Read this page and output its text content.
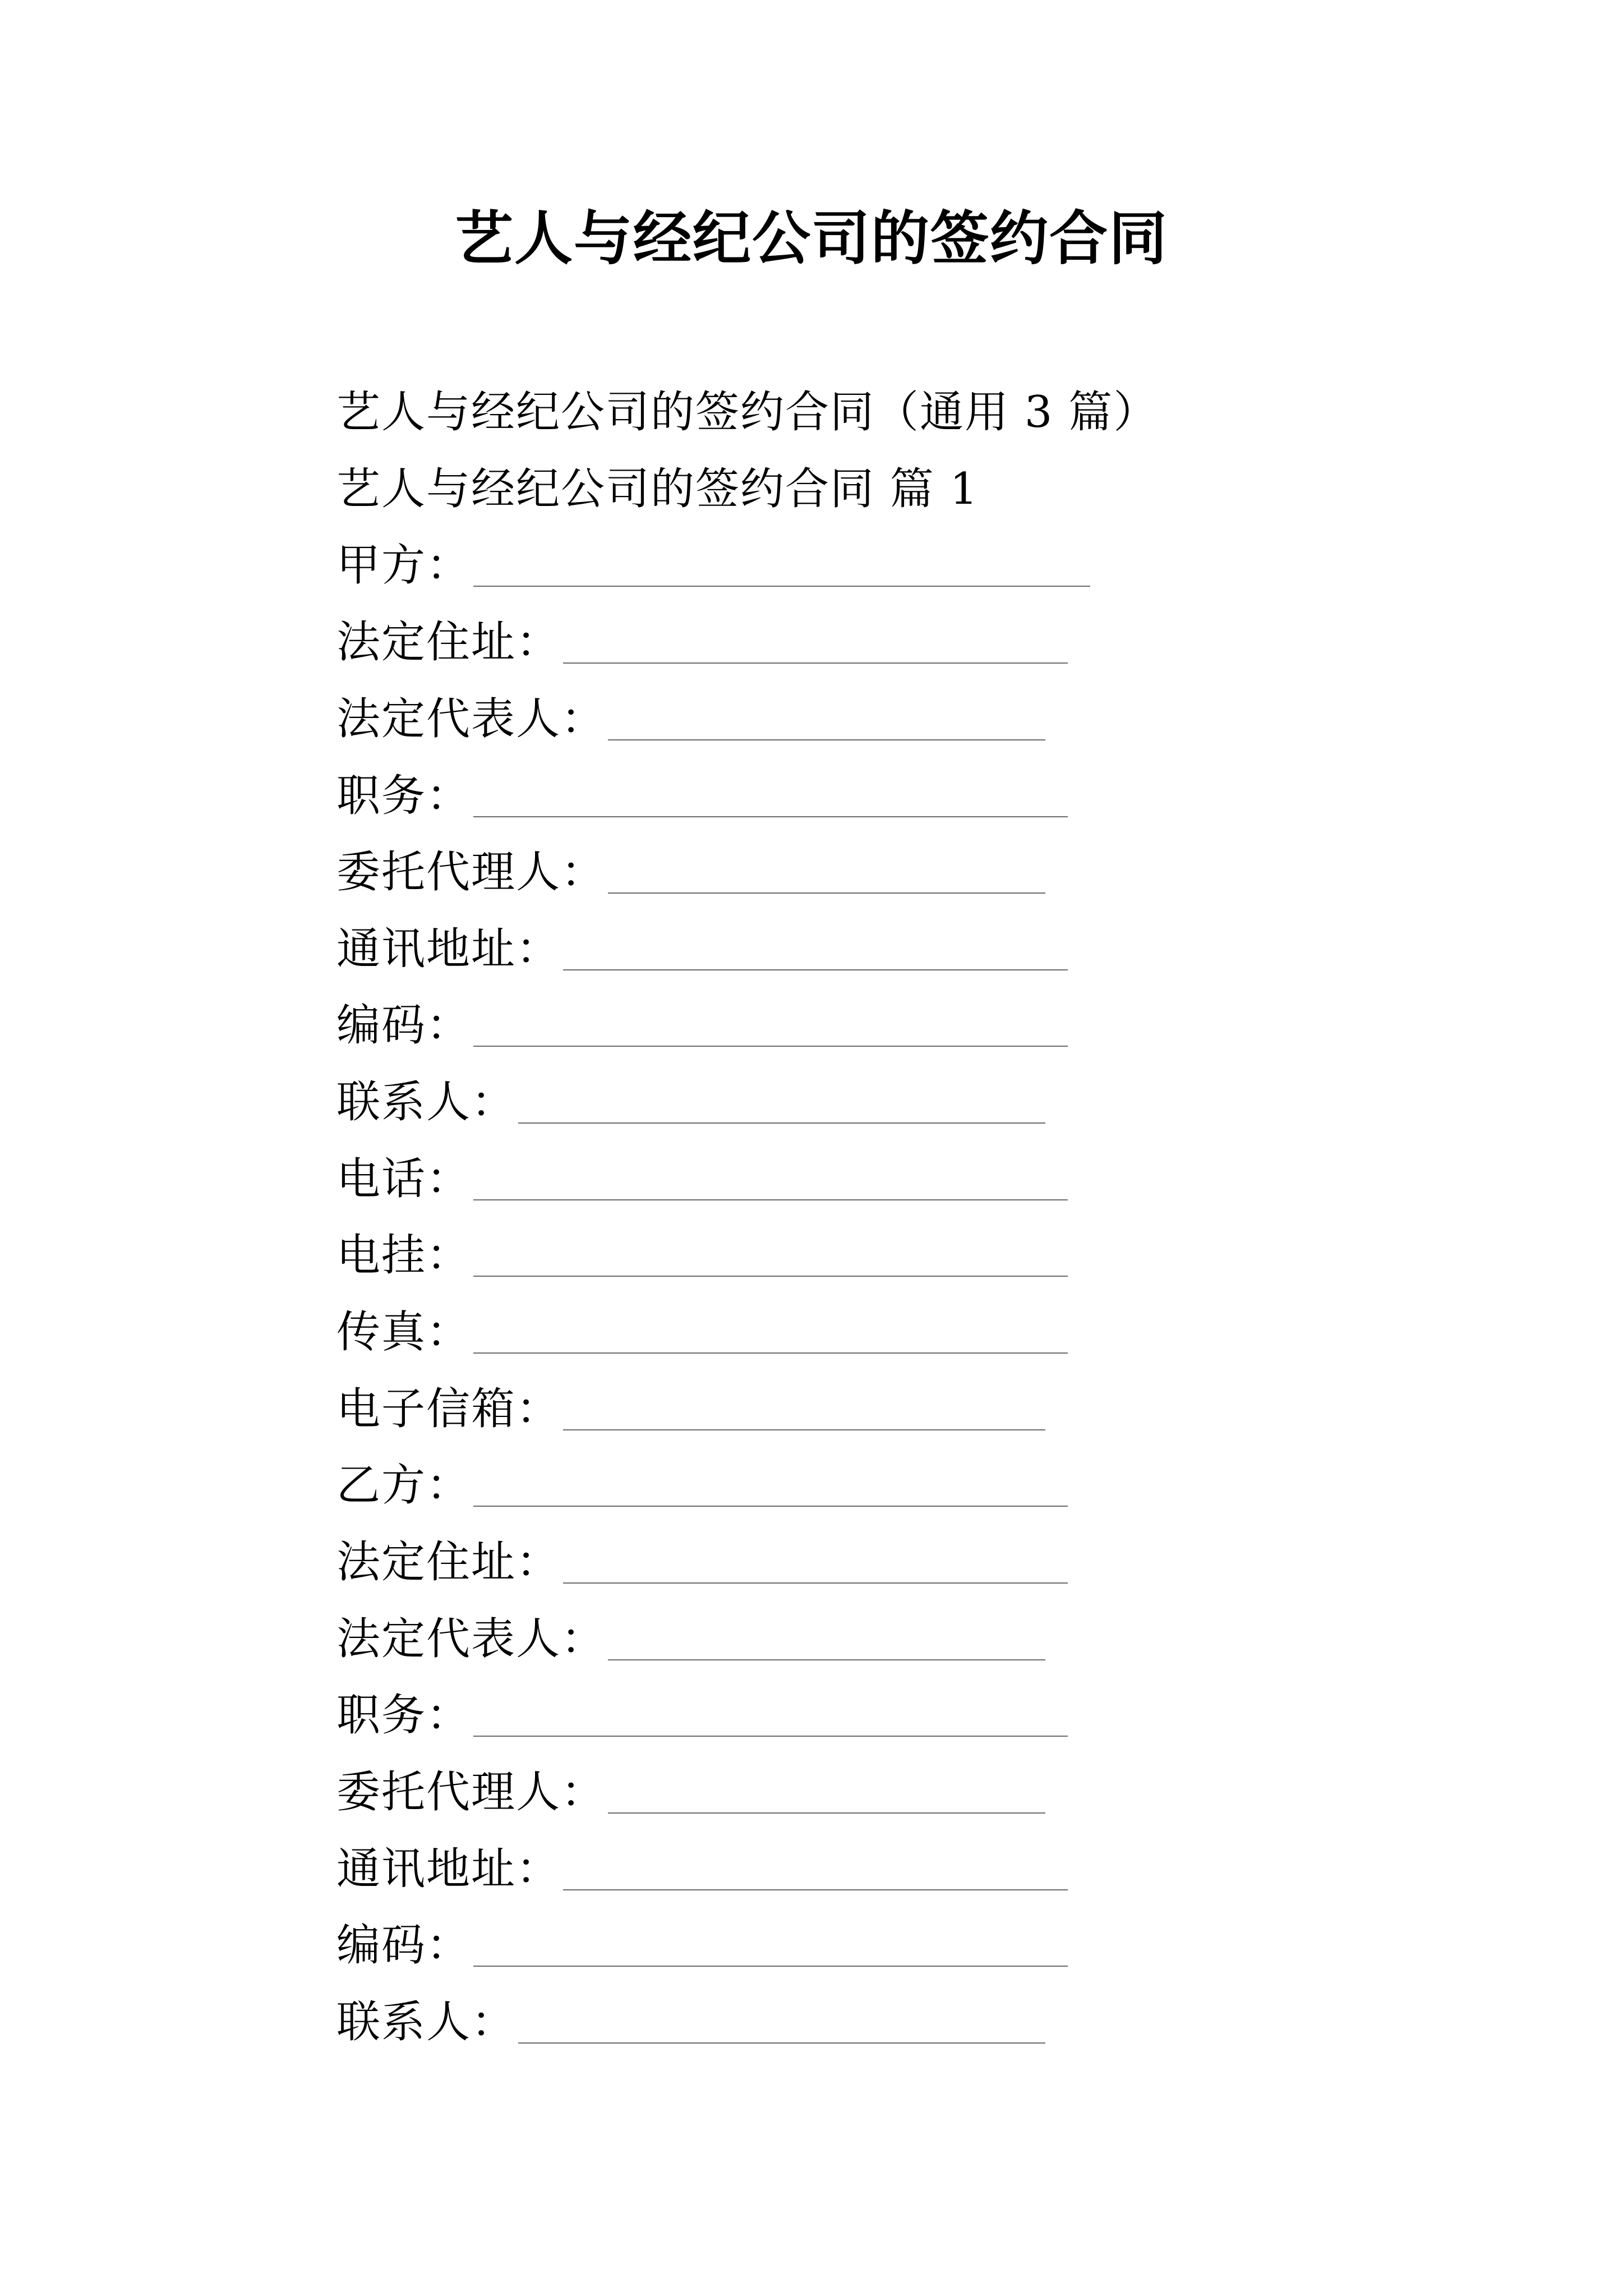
艺人与经纪公司的签约合同
艺人与经纪公司的签约合同（通用 3 篇）
艺人与经纪公司的签约合同 篇 1
甲方：
法定住址：
法定代表人：
职务：
委托代理人：
通讯地址：
编码：
联系人：
电话：
电挂：
传真：
电子信箱：
乙方：
法定住址：
法定代表人：
职务：
委托代理人：
通讯地址：
编码：
联系人：
